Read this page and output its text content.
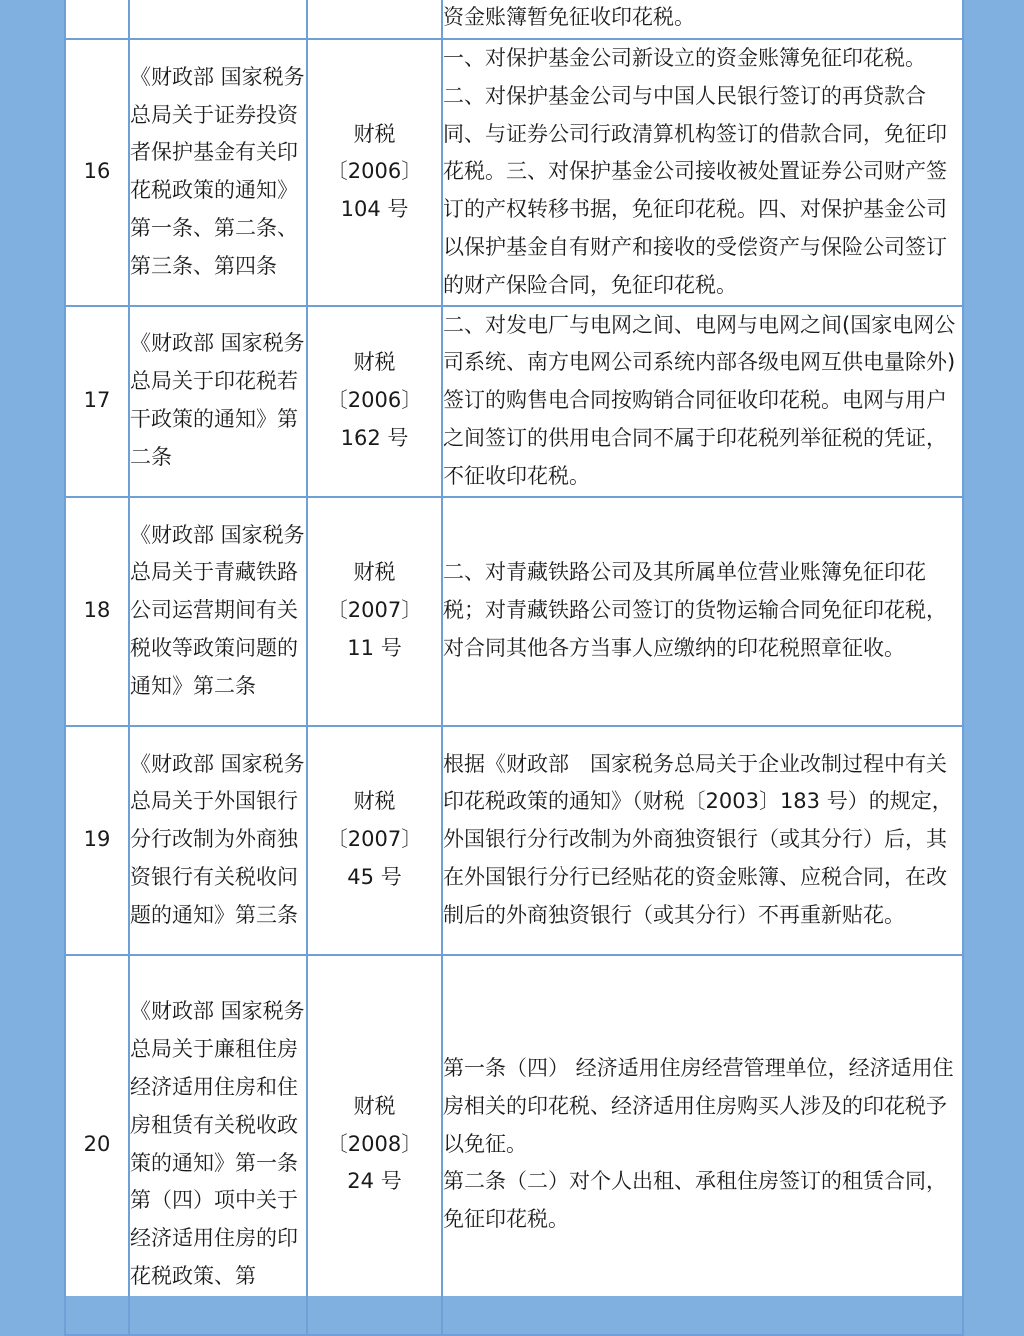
			资金账簿暂免征收印花税。

16	《财政部 国家税务总局关于证券投资者保护基金有关印花税政策的通知》第一条、第二条、第三条、第四条	财税
〔2006〕
104 号	一、对保护基金公司新设立的资金账簿免征印花税。二、对保护基金公司与中国人民银行签订的再贷款合同、与证券公司行政清算机构签订的借款合同，免征印花税。三、对保护基金公司接收被处置证券公司财产签订的产权转移书据，免征印花税。四、对保护基金公司以保护基金自有财产和接收的受偿资产与保险公司签订的财产保险合同，免征印花税。

17	《财政部 国家税务总局关于印花税若干政策的通知》第二条	财税
〔2006〕
162 号	二、对发电厂与电网之间、电网与电网之间(国家电网公司系统、南方电网公司系统内部各级电网互供电量除外)签订的购售电合同按购销合同征收印花税。电网与用户之间签订的供用电合同不属于印花税列举征税的凭证，不征收印花税。

18	《财政部 国家税务总局关于青藏铁路公司运营期间有关税收等政策问题的通知》第二条	财税
〔2007〕
11 号	二、对青藏铁路公司及其所属单位营业账簿免征印花税；对青藏铁路公司签订的货物运输合同免征印花税，对合同其他各方当事人应缴纳的印花税照章征收。

19	《财政部 国家税务总局关于外国银行分行改制为外商独资银行有关税收问题的通知》第三条	财税
〔2007〕
45 号	根据《财政部　国家税务总局关于企业改制过程中有关印花税政策的通知》（财税〔2003〕183 号）的规定，外国银行分行改制为外商独资银行（或其分行）后，其在外国银行分行已经贴花的资金账簿、应税合同，在改制后的外商独资银行（或其分行）不再重新贴花。

20	《财政部 国家税务总局关于廉租住房经济适用住房和住房租赁有关税收政策的通知》第一条第（四）项中关于经济适用住房的印花税政策、第	财税
〔2008〕
24 号	第一条（四） 经济适用住房经营管理单位，经济适用住房相关的印花税、经济适用住房购买人涉及的印花税予以免征。
第二条（二）对个人出租、承租住房签订的租赁合同，免征印花税。
